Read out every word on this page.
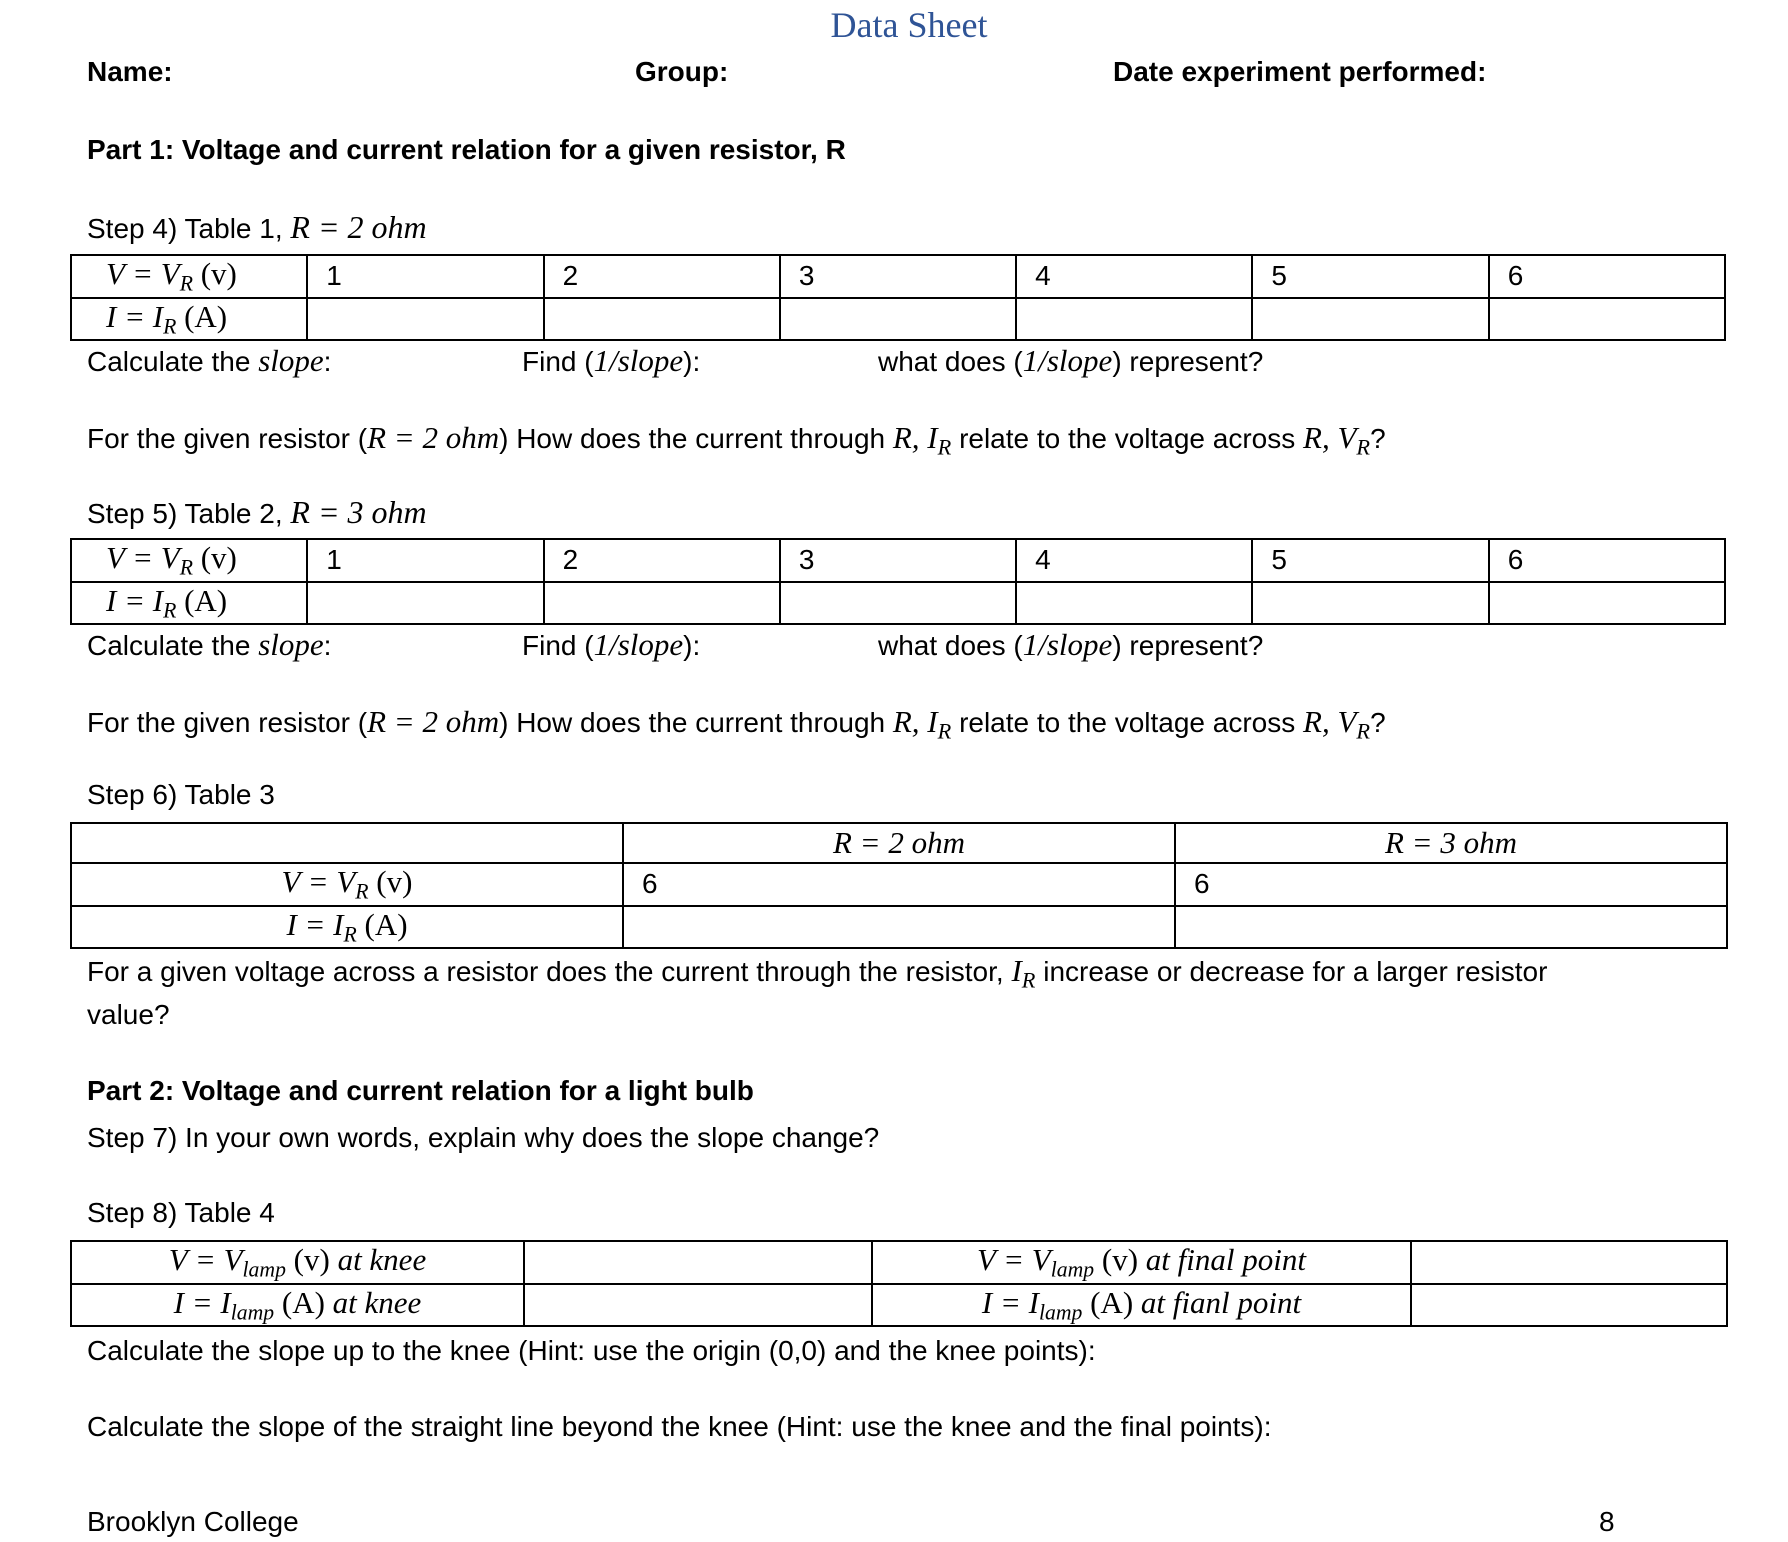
Data Sheet
Name:	Group:	Date experiment performed:
Part 1: Voltage and current relation for a given resistor, R
Step 4) Table 1, R = 2 ohm
$V = V_R$ (v)	1	2	3	4	5	6
$I = I_R$ (A)						
Calculate the slope:	Find (1/slope):	what does (1/slope) represent?
For the given resistor (R = 2 ohm) How does the current through R, $I_R$ relate to the voltage across R, $V_R$?
Step 5) Table 2, R = 3 ohm
$V = V_R$ (v)	1	2	3	4	5	6
$I = I_R$ (A)						
Calculate the slope:	Find (1/slope):	what does (1/slope) represent?
For the given resistor (R = 2 ohm) How does the current through R, $I_R$ relate to the voltage across R, $V_R$?
Step 6) Table 3
	R = 2 ohm	R = 3 ohm
$V = V_R$ (v)	6	6
$I = I_R$ (A)		
For a given voltage across a resistor does the current through the resistor, $I_R$ increase or decrease for a larger resistor
value?
Part 2: Voltage and current relation for a light bulb
Step 7) In your own words, explain why does the slope change?
Step 8) Table 4
$V = V_{lamp}$ (v) at knee		$V = V_{lamp}$ (v) at final point	
$I = I_{lamp}$ (A) at knee		$I = I_{lamp}$ (A) at fianl point	
Calculate the slope up to the knee (Hint: use the origin (0,0) and the knee points):
Calculate the slope of the straight line beyond the knee (Hint: use the knee and the final points):
Brooklyn College	8
